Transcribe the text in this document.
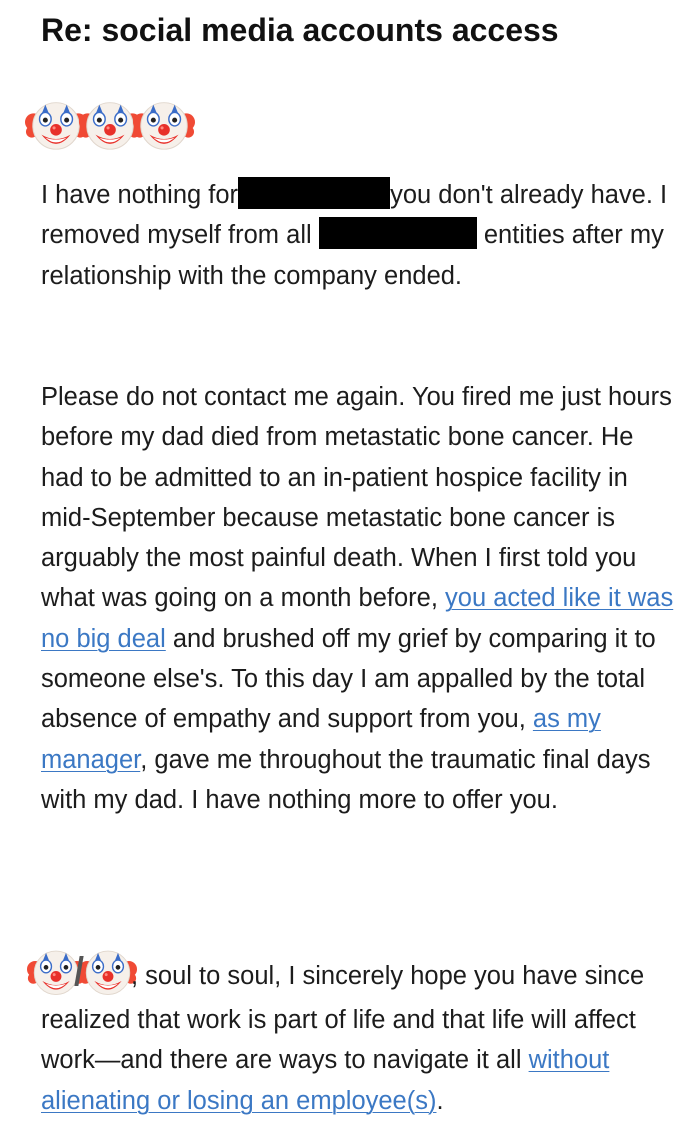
Re: social media accounts access

I have nothing for	you don't already have. I removed myself from all	entities after my relationship with the company ended.

Please do not contact me again. You fired me just hours before my dad died from metastatic bone cancer. He had to be admitted to an in-patient hospice facility in mid-September because metastatic bone cancer is arguably the most painful death. When I first told you what was going on a month before, you acted like it was no big deal and brushed off my grief by comparing it to someone else's. To this day I am appalled by the total absence of empathy and support from you, as my manager, gave me throughout the traumatic final days with my dad. I have nothing more to offer you.

, soul to soul, I sincerely hope you have since realized that work is part of life and that life will affect work—and there are ways to navigate it all without alienating or losing an employee(s).
